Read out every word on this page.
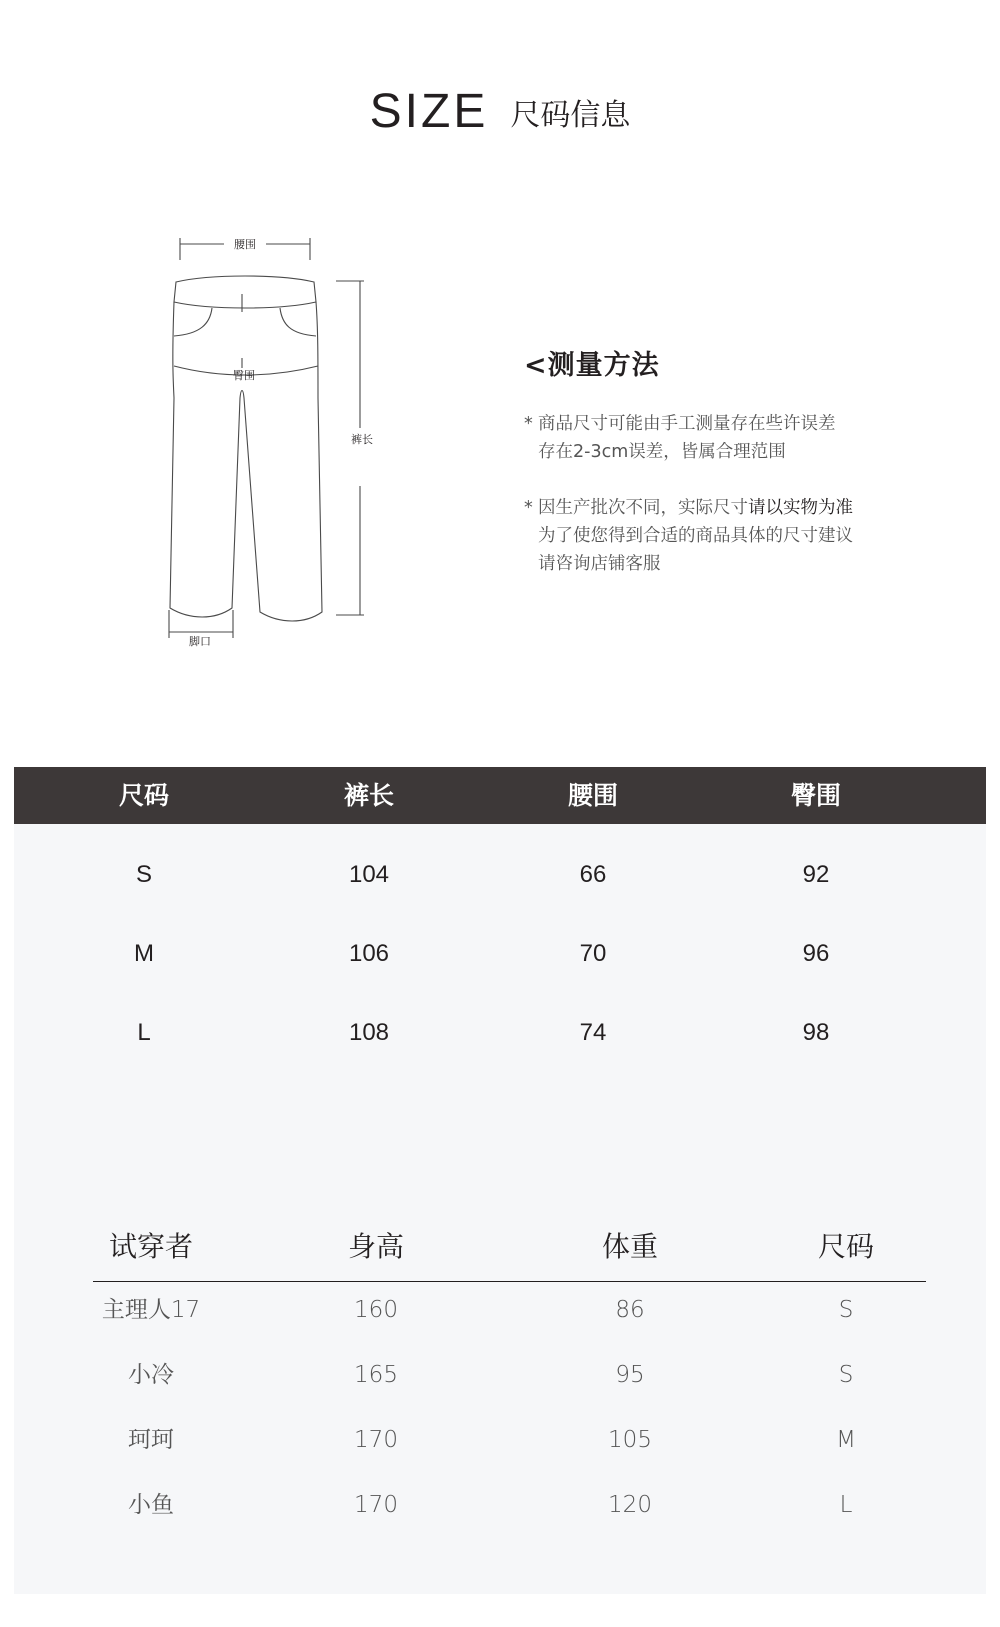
SIZE 尺码信息
腰围
臀围
裤长
脚口
<测量方法
* 商品尺寸可能由手工测量存在些许误差
存在2-3cm误差，皆属合理范围
* 因生产批次不同，实际尺寸请以实物为准
为了使您得到合适的商品具体的尺寸建议
请咨询店铺客服
尺码	裤长	腰围	臀围
S	104	66	92
M	106	70	96
L	108	74	98
试穿者	身高	体重	尺码
主理人17	160	86	S
小冷	165	95	S
珂珂	170	105	M
小鱼	170	120	L
